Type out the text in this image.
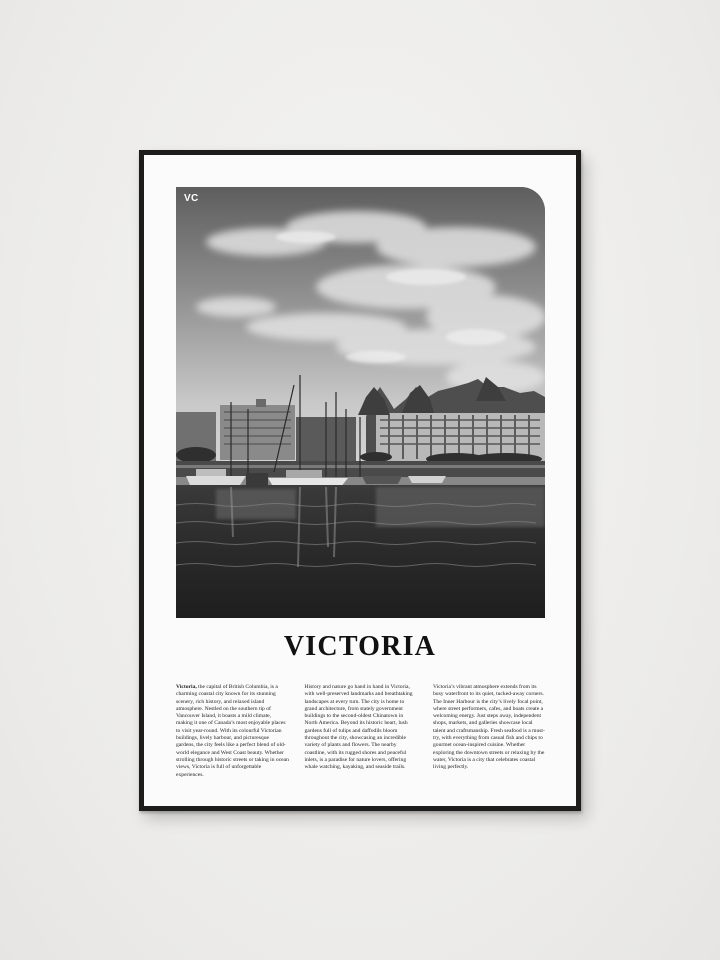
VC
VICTORIA
Victoria, the capital of British Columbia, is a charming coastal city known for its stunning scenery, rich history, and relaxed island atmosphere. Nestled on the southern tip of Vancouver Island, it boasts a mild climate, making it one of Canada’s most enjoyable places to visit year-round. With its colourful Victorian buildings, lively harbour, and picturesque gardens, the city feels like a perfect blend of old-world elegance and West Coast beauty. Whether strolling through historic streets or taking in ocean views, Victoria is full of unforgettable experiences.
History and nature go hand in hand in Victoria, with well-preserved landmarks and breathtaking landscapes at every turn. The city is home to grand architecture, from stately government buildings to the second-oldest Chinatown in North America. Beyond its historic heart, lush gardens full of tulips and daffodils bloom throughout the city, showcasing an incredible variety of plants and flowers. The nearby coastline, with its rugged shores and peaceful inlets, is a paradise for nature lovers, offering whale watching, kayaking, and seaside trails.
Victoria’s vibrant atmosphere extends from its busy waterfront to its quiet, tucked-away corners. The Inner Harbour is the city’s lively focal point, where street performers, cafes, and boats create a welcoming energy. Just steps away, independent shops, markets, and galleries showcase local talent and craftsmanship. Fresh seafood is a must-try, with everything from casual fish and chips to gourmet ocean-inspired cuisine. Whether exploring the downtown streets or relaxing by the water, Victoria is a city that celebrates coastal living perfectly.
